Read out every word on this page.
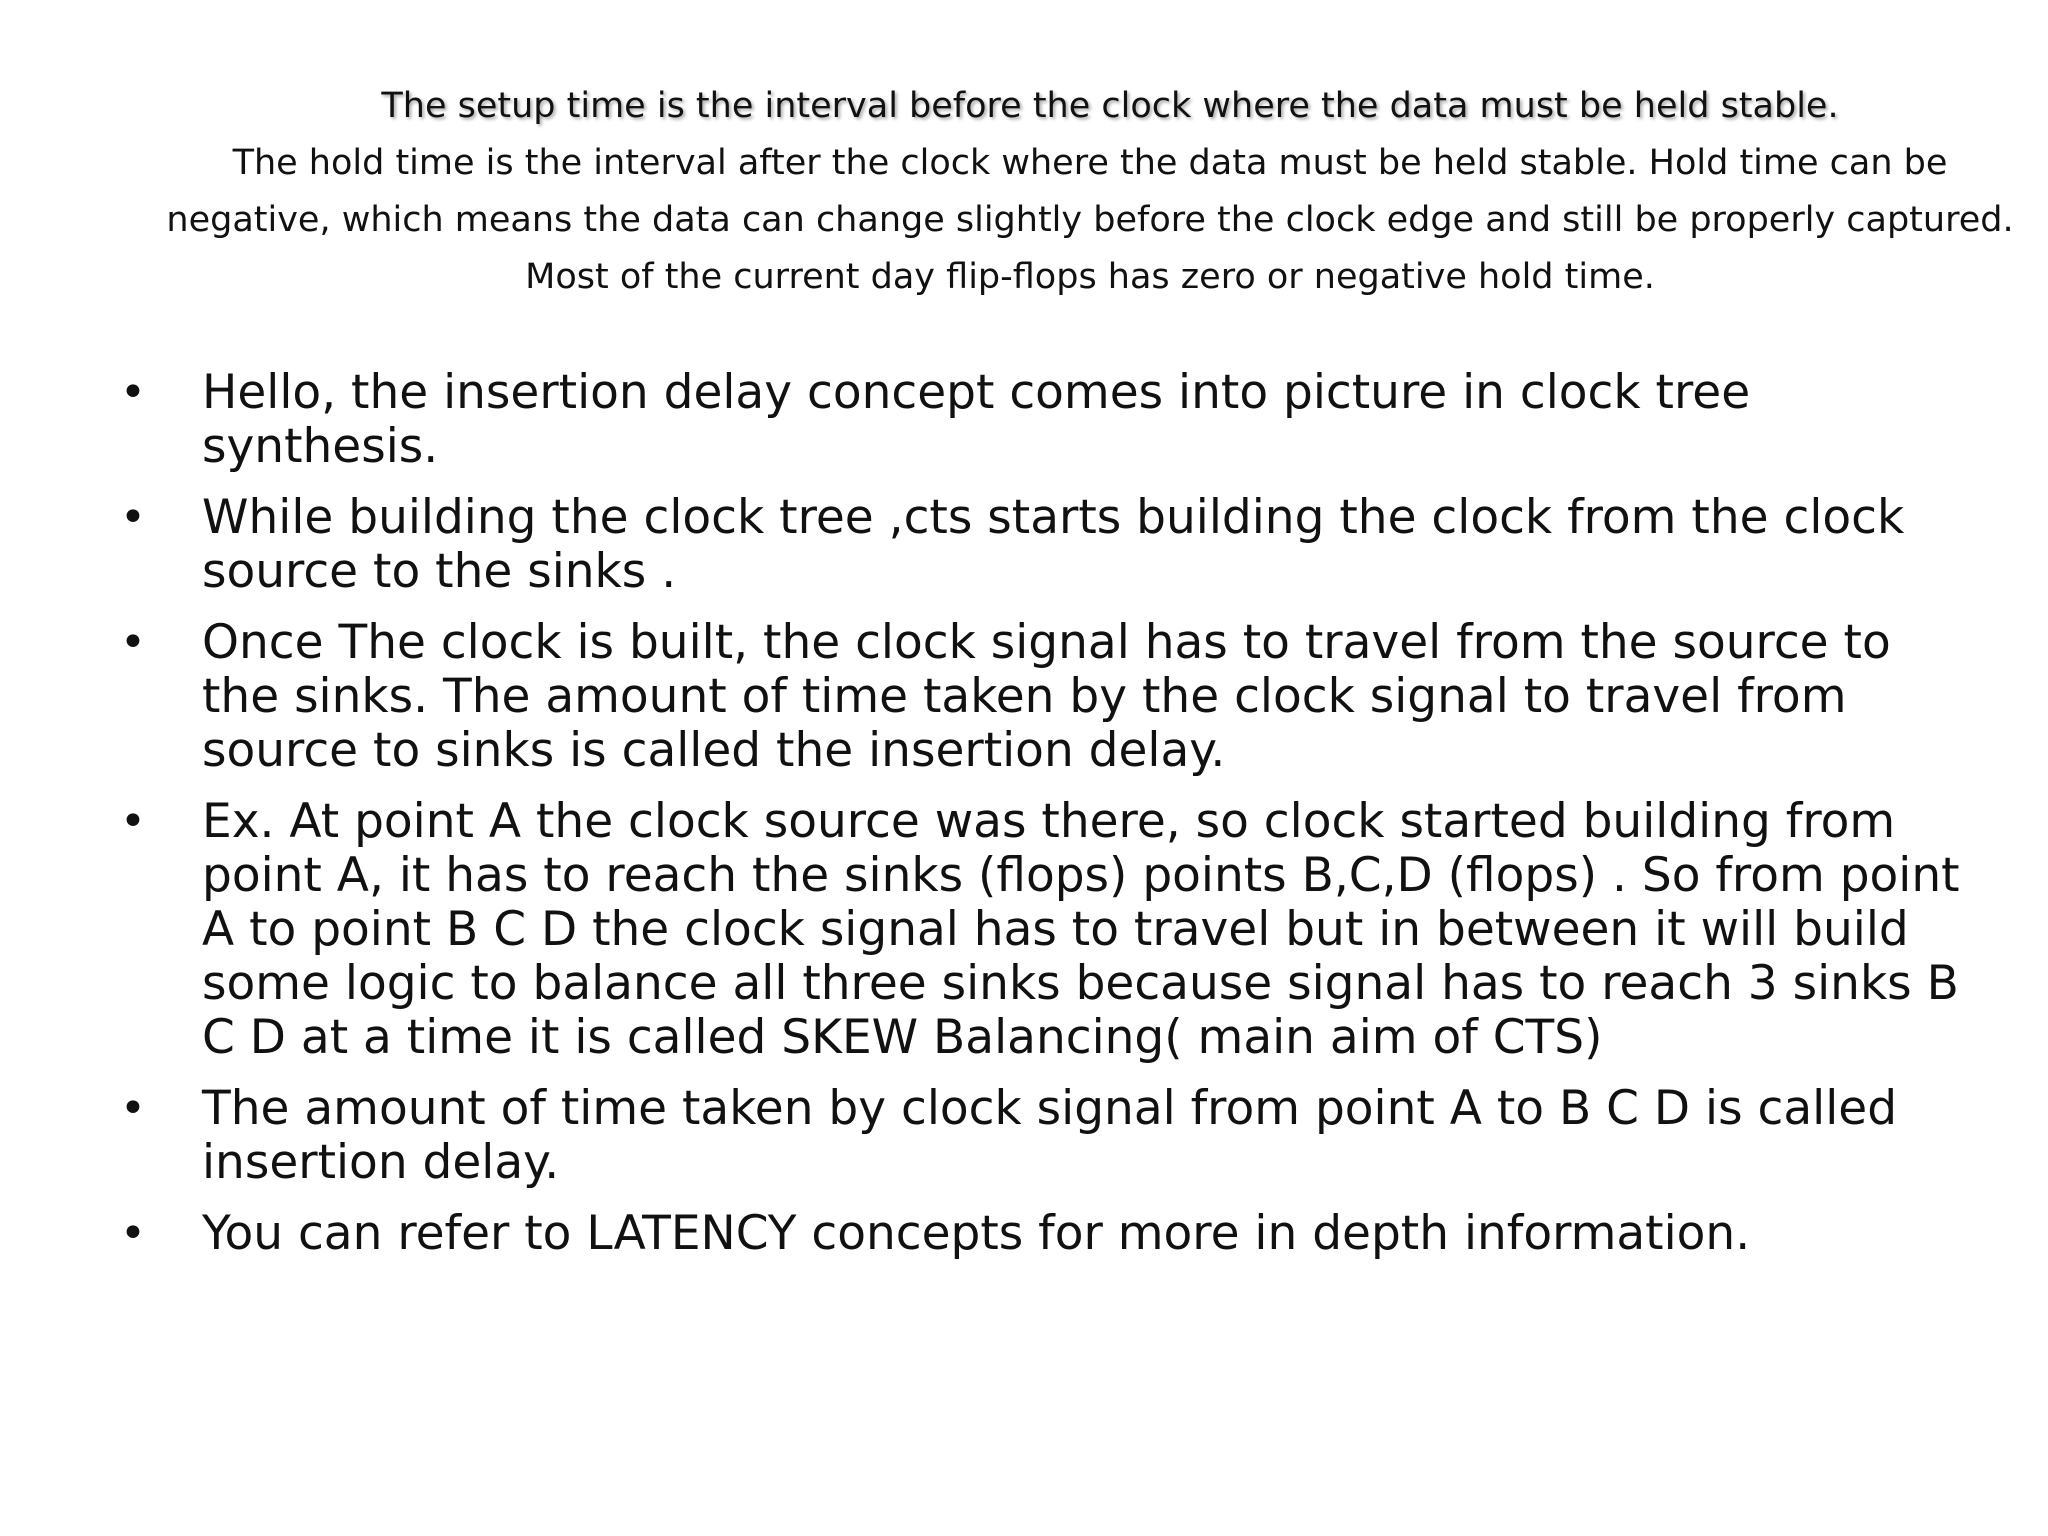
The setup time is the interval before the clock where the data must be held stable.
The hold time is the interval after the clock where the data must be held stable. Hold time can be negative, which means the data can change slightly before the clock edge and still be properly captured. Most of the current day flip-flops has zero or negative hold time.
• Hello, the insertion delay concept comes into picture in clock tree synthesis.
• While building the clock tree ,cts starts building the clock from the clock source to the sinks .
• Once The clock is built, the clock signal has to travel from the source to the sinks. The amount of time taken by the clock signal to travel from source to sinks is called the insertion delay.
• Ex. At point A the clock source was there, so clock started building from point A, it has to reach the sinks (flops) points B,C,D (flops) . So from point A to point B C D the clock signal has to travel but in between it will build some logic to balance all three sinks because signal has to reach 3 sinks B C D at a time it is called SKEW Balancing( main aim of CTS)
• The amount of time taken by clock signal from point A to B C D is called insertion delay.
• You can refer to LATENCY concepts for more in depth information.
